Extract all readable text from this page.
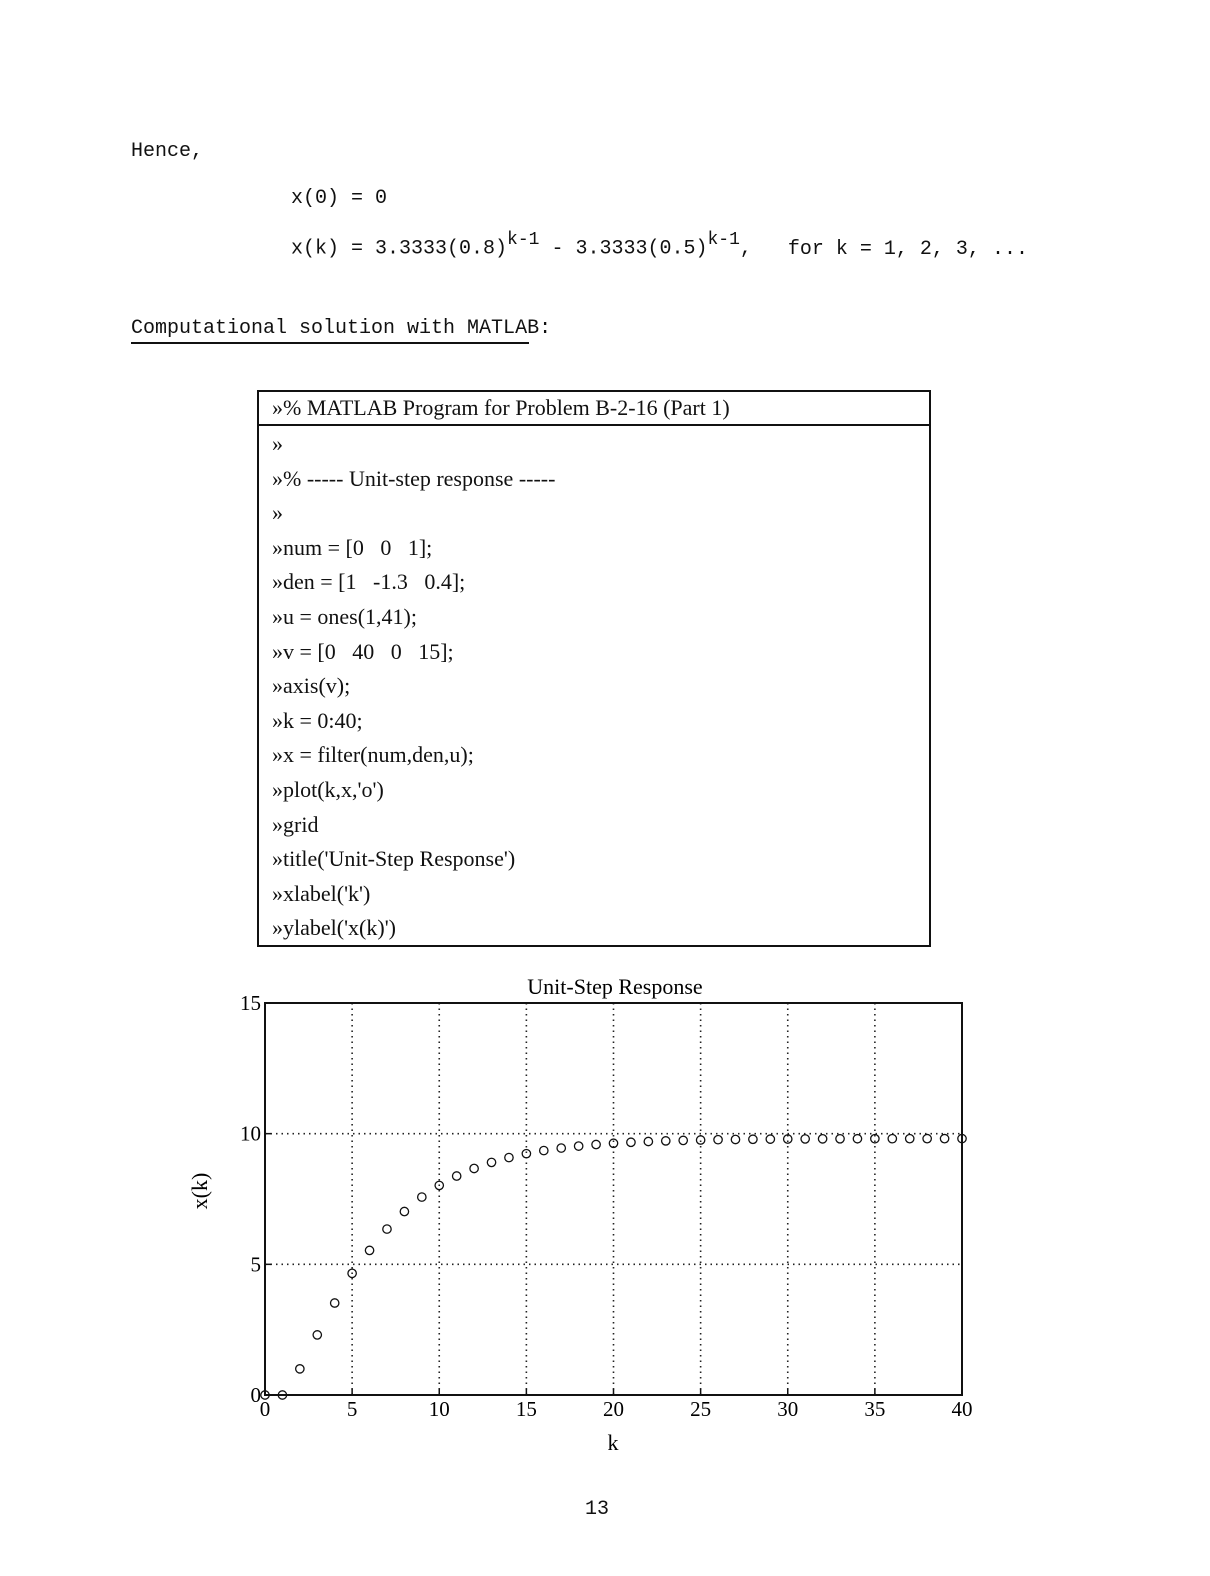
Hence,
x(0) = 0
$x(k) = 3.3333(0.8)^{k-1} - 3.3333(0.5)^{k-1}$, for k = 1, 2, 3, ...
Computational solution with MATLAB:
»% MATLAB Program for Problem B-2-16 (Part 1)
»
»% ----- Unit-step response -----
»
»num = [0   0   1];
»den = [1   -1.3   0.4];
»u = ones(1,41);
»v = [0   40   0   15];
»axis(v);
»k = 0:40;
»x = filter(num,den,u);
»plot(k,x,'o')
»grid
»title('Unit-Step Response')
»xlabel('k')
»ylabel('x(k)')
Unit-Step Response
0	5	10	15	20	25	30	35	40
0
5
10
15
k
x(k)
13
